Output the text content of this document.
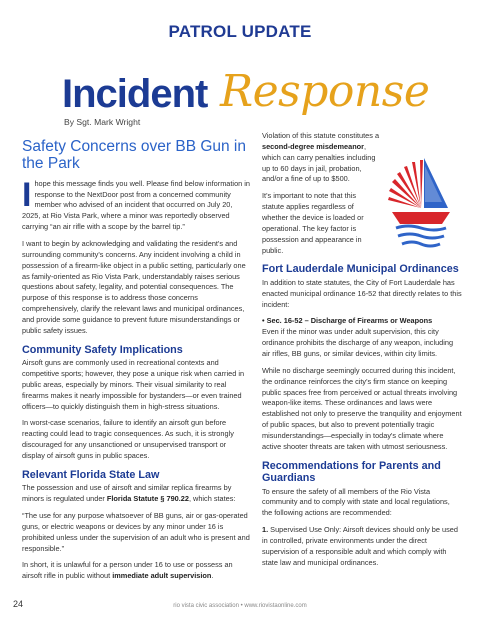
PATROL UPDATE
Incident Response
By Sgt. Mark Wright
Safety Concerns over BB Gun in the Park

Ihope this message finds you well. Please find below information in response to the NextDoor post from a concerned community member who advised of an incident that occurred on July 20, 2025, at Rio Vista Park, where a minor was reportedly observed carrying “an air rifle with a scope by the barrel tip.”

I want to begin by acknowledging and validating the resident's and surrounding community's concerns. Any incident involving a child in possession of a firearm-like object in a public setting, particularly one as family-oriented as Rio Vista Park, understandably raises serious questions about safety, legality, and potential consequences. The purpose of this response is to address those concerns comprehensively, clarify the relevant laws and municipal ordinances, and provide some guidance to prevent future misunderstandings or public safety issues.

Community Safety Implications

Airsoft guns are commonly used in recreational contexts and competitive sports; however, they pose a unique risk when carried in public areas, especially by minors. Their visual similarity to real firearms makes it nearly impossible for bystanders—or even trained officers—to quickly distinguish them in high-stress situations.

In worst-case scenarios, failure to identify an airsoft gun before reacting could lead to tragic consequences. As such, it is strongly discouraged for any unsanctioned or unsupervised transport or display of airsoft guns in public spaces.

Relevant Florida State Law

The possession and use of airsoft and similar replica firearms by minors is regulated under Florida Statute § 790.22, which states:

“The use for any purpose whatsoever of BB guns, air or gas-operated guns, or electric weapons or devices by any minor under 16 is prohibited unless under the supervision of an adult who is present and responsible.”

In short, it is unlawful for a person under 16 to use or possess an airsoft rifle in public without immediate adult supervision.

Violation of this statute constitutes a second-degree misdemeanor, which can carry penalties including up to 60 days in jail, probation, and/or a fine of up to $500.

It's important to note that this statute applies regardless of whether the device is loaded or operational. The key factor is possession and appearance in public.

Fort Lauderdale Municipal Ordinances

In addition to state statutes, the City of Fort Lauderdale has enacted municipal ordinance 16-52 that directly relates to this incident:

• Sec. 16-52 – Discharge of Firearms or Weapons
Even if the minor was under adult supervision, this city ordinance prohibits the discharge of any weapon, including air rifles, BB guns, or similar devices, within city limits.

While no discharge seemingly occurred during this incident, the ordinance reinforces the city's firm stance on keeping public spaces free from perceived or actual threats involving weapon-like items. These ordinances and laws were established not only to preserve the tranquility and enjoyment of public spaces, but also to prevent potentially tragic misunderstandings—especially in today's climate where active shooter threats are taken with utmost seriousness.

Recommendations for Parents and Guardians

To ensure the safety of all members of the Rio Vista community and to comply with state and local regulations, the following actions are recommended:

1. Supervised Use Only: Airsoft devices should only be used in controlled, private environments under the direct supervision of a responsible adult and which comply with state law and municipal ordinances.

24	rio vista civic association • www.riovistaonline.com
